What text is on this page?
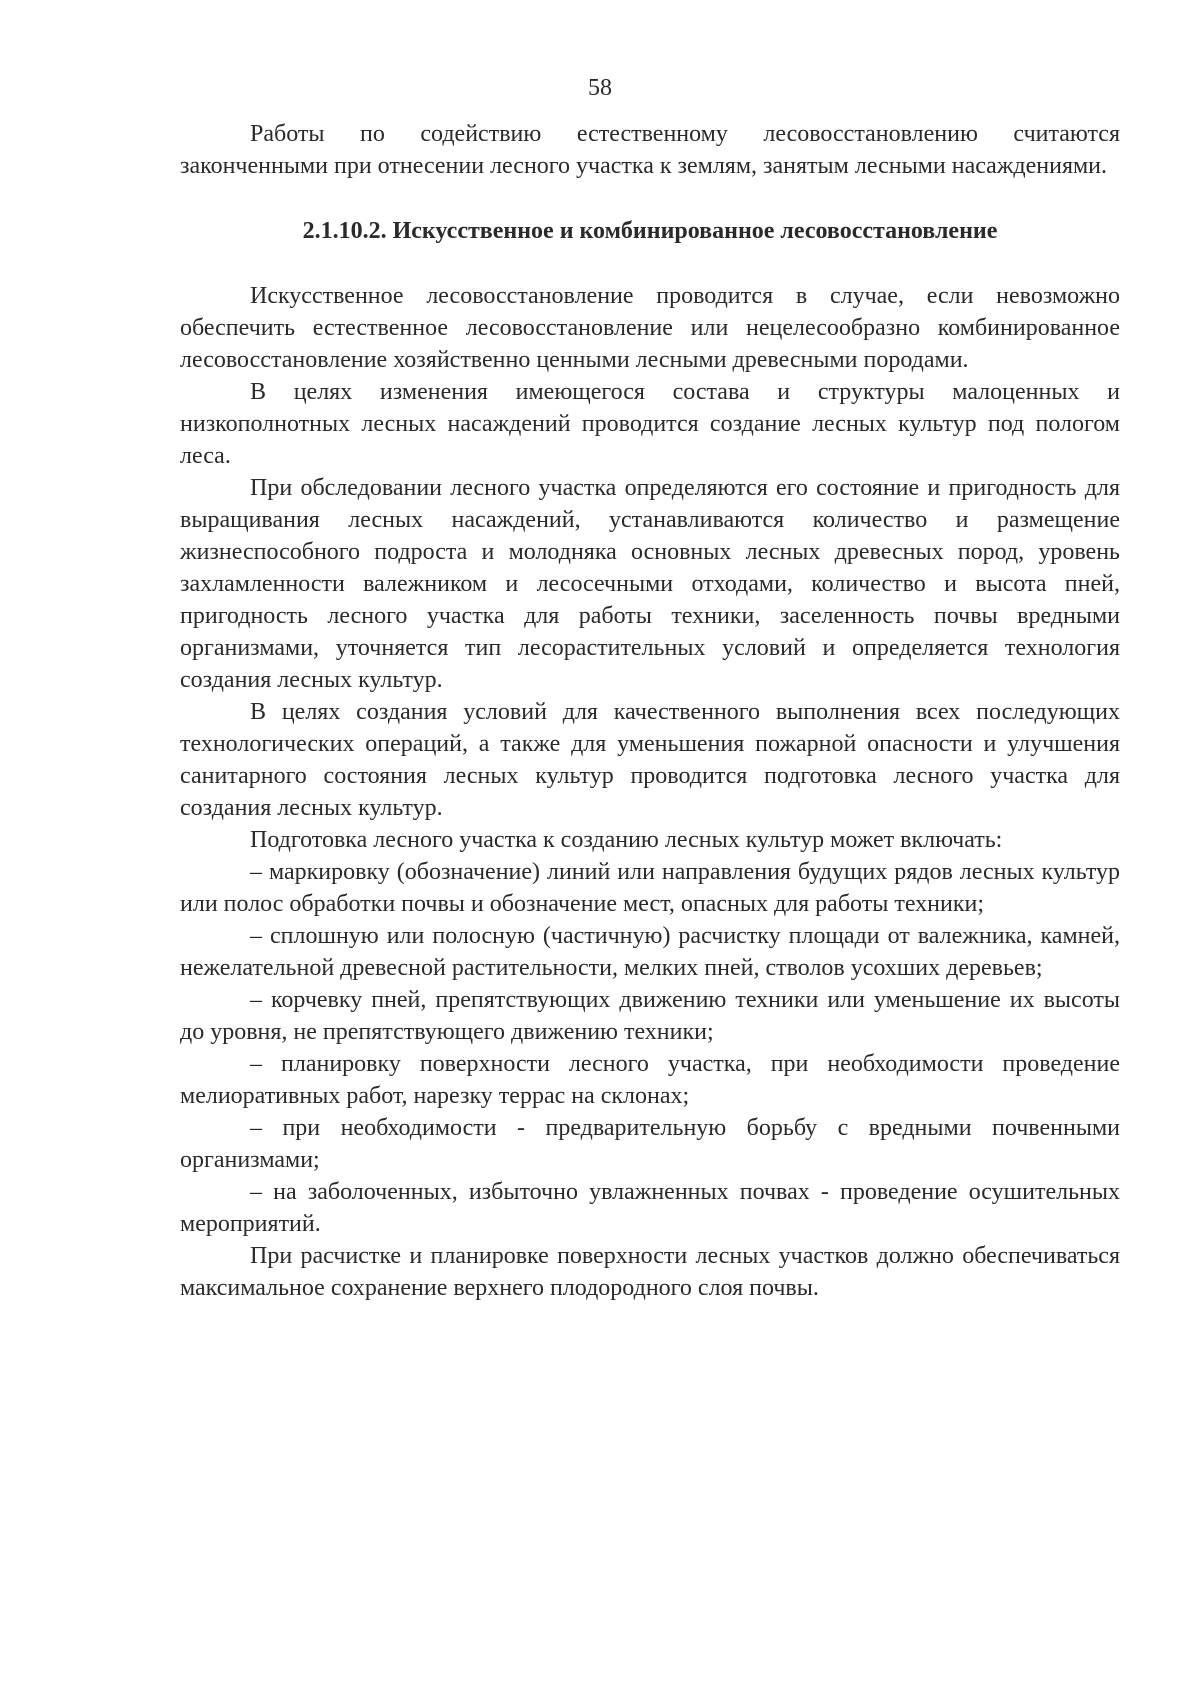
58

Работы по содействию естественному лесовосстановлению считаются законченными при отнесении лесного участка к землям, занятым лесными насаждениями.

2.1.10.2. Искусственное и комбинированное лесовосстановление

Искусственное лесовосстановление проводится в случае, если невозможно обеспечить естественное лесовосстановление или нецелесообразно комбинированное лесовосстановление хозяйственно ценными лесными древесными породами.

В целях изменения имеющегося состава и структуры малоценных и низкополнотных лесных насаждений проводится создание лесных культур под пологом леса.

При обследовании лесного участка определяются его состояние и пригодность для выращивания лесных насаждений, устанавливаются количество и размещение жизнеспособного подроста и молодняка основных лесных древесных пород, уровень захламленности валежником и лесосечными отходами, количество и высота пней, пригодность лесного участка для работы техники, заселенность почвы вредными организмами, уточняется тип лесорастительных условий и определяется технология создания лесных культур.

В целях создания условий для качественного выполнения всех последующих технологических операций, а также для уменьшения пожарной опасности и улучшения санитарного состояния лесных культур проводится подготовка лесного участка для создания лесных культур.

Подготовка лесного участка к созданию лесных культур может включать:

– маркировку (обозначение) линий или направления будущих рядов лесных культур или полос обработки почвы и обозначение мест, опасных для работы техники;

– сплошную или полосную (частичную) расчистку площади от валежника, камней, нежелательной древесной растительности, мелких пней, стволов усохших деревьев;

– корчевку пней, препятствующих движению техники или уменьшение их высоты до уровня, не препятствующего движению техники;

– планировку поверхности лесного участка, при необходимости проведение мелиоративных работ, нарезку террас на склонах;

– при необходимости - предварительную борьбу с вредными почвенными организмами;

– на заболоченных, избыточно увлажненных почвах - проведение осушительных мероприятий.

При расчистке и планировке поверхности лесных участков должно обеспечиваться максимальное сохранение верхнего плодородного слоя почвы.
